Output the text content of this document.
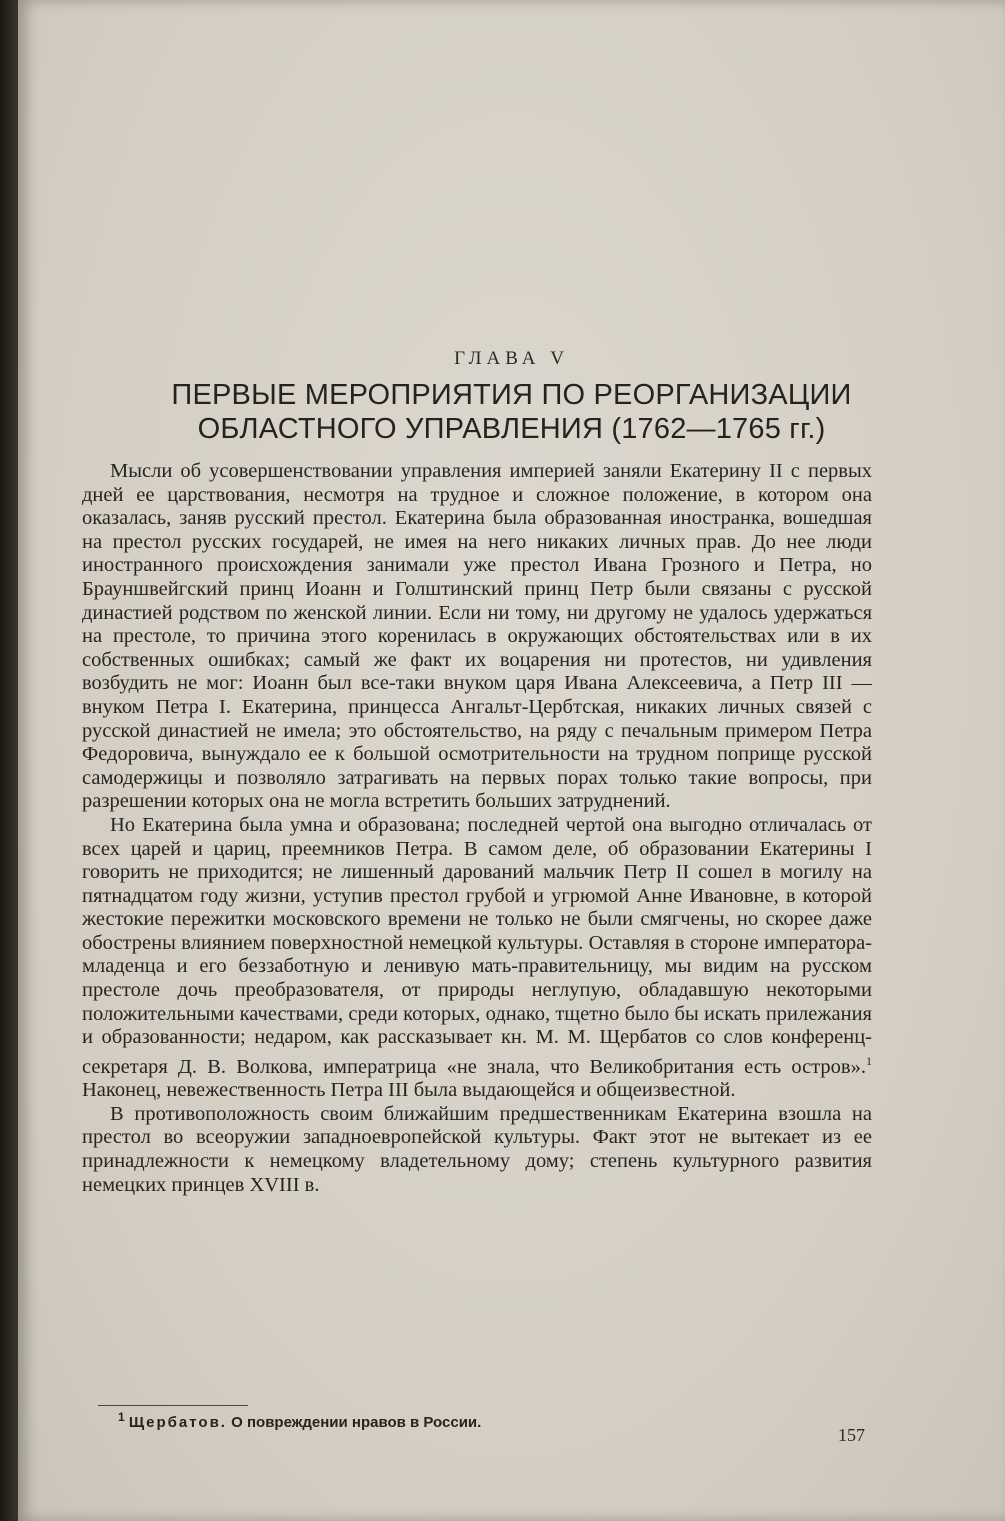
ГЛАВА V
ПЕРВЫЕ МЕРОПРИЯТИЯ ПО РЕОРГАНИЗАЦИИ
ОБЛАСТНОГО УПРАВЛЕНИЯ (1762—1765 гг.)

Мысли об усовершенствовании управления империей заняли Екатерину II с первых дней ее царствования, несмотря на трудное и сложное положение, в котором она оказалась, заняв русский престол. Екатерина была образованная иностранка, вошедшая на престол русских государей, не имея на него никаких личных прав. До нее люди иностранного происхождения занимали уже престол Ивана Грозного и Петра, но Брауншвейгский принц Иоанн и Голштинский принц Петр были связаны с русской династией родством по женской линии. Если ни тому, ни другому не удалось удержаться на престоле, то причина этого коренилась в окружающих обстоятельствах или в их собственных ошибках; самый же факт их воцарения ни протестов, ни удивления возбудить не мог: Иоанн был все-таки внуком царя Ивана Алексеевича, а Петр III — внуком Петра I. Екатерина, принцесса Ангальт-Цербтская, никаких личных связей с русской династией не имела; это обстоятельство, на ряду с печальным примером Петра Федоровича, вынуждало ее к большой осмотрительности на трудном поприще русской самодержицы и позволяло затрагивать на первых порах только такие вопросы, при разрешении которых она не могла встретить больших затруднений.

Но Екатерина была умна и образована; последней чертой она выгодно отличалась от всех царей и цариц, преемников Петра. В самом деле, об образовании Екатерины I говорить не приходится; не лишенный дарований мальчик Петр II сошел в могилу на пятнадцатом году жизни, уступив престол грубой и угрюмой Анне Ивановне, в которой жестокие пережитки московского времени не только не были смягчены, но скорее даже обострены влиянием поверхностной немецкой культуры. Оставляя в стороне императора-младенца и его беззаботную и ленивую мать-правительницу, мы видим на русском престоле дочь преобразователя, от природы неглупую, обладавшую некоторыми положительными качествами, среди которых, однако, тщетно было бы искать прилежания и образованности; недаром, как рассказывает кн. М. М. Щербатов со слов конференц-секретаря Д. В. Волкова, императрица «не знала, что Великобритания есть остров».$^1$ Наконец, невежественность Петра III была выдающейся и общеизвестной.

В противоположность своим ближайшим предшественникам Екатерина взошла на престол во всеоружии западноевропейской культуры. Факт этот не вытекает из ее принадлежности к немецкому владетельному дому; степень культурного развития немецких принцев XVIII в.

$^1$ Щербатов. О повреждении нравов в России.
157
